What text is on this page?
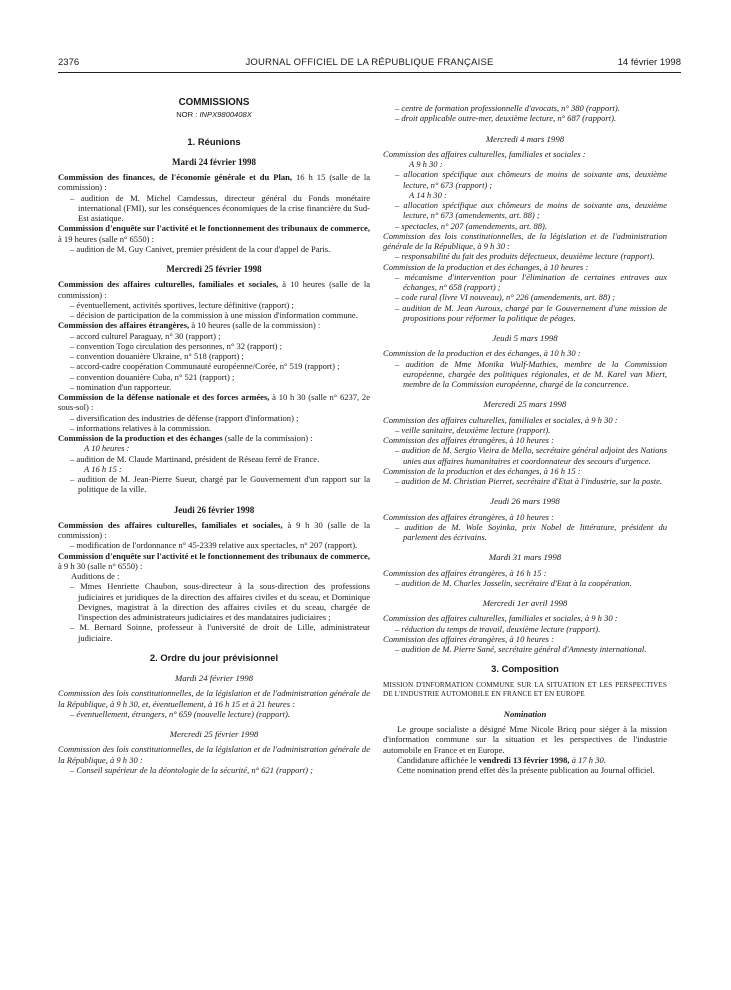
2376	JOURNAL OFFICIEL DE LA RÉPUBLIQUE FRANÇAISE	14 février 1998
COMMISSIONS
NOR : INPX9800408X
1. Réunions
Mardi 24 février 1998

Commission des finances, de l'économie générale et du Plan, 16 h 15 (salle de la commission) :

– audition de M. Michel Camdessus, directeur général du Fonds monétaire international (FMI), sur les conséquences économiques de la crise financière du Sud-Est asiatique.

Commission d'enquête sur l'activité et le fonctionnement des tribunaux de commerce, à 19 heures (salle n° 6550) :

– audition de M. Guy Canivet, premier président de la cour d'appel de Paris.
Mercredi 25 février 1998

Commission des affaires culturelles, familiales et sociales, à 10 heures (salle de la commission) :

– éventuellement, activités sportives, lecture définitive (rapport) ;
– décision de participation de la commission à une mission d'information commune.

Commission des affaires étrangères, à 10 heures (salle de la commission) :

– accord culturel Paraguay, n° 30 (rapport) ;
– convention Togo circulation des personnes, n° 32 (rapport) ;
– convention douanière Ukraine, n° 518 (rapport) ;
– accord-cadre coopération Communauté européenne/Corée, n° 519 (rapport) ;
– convention douanière Cuba, n° 521 (rapport) ;
– nomination d'un rapporteur.

Commission de la défense nationale et des forces armées, à 10 h 30 (salle n° 6237, 2e sous-sol) :

– diversification des industries de défense (rapport d'information) ;
– informations relatives à la commission.

Commission de la production et des échanges (salle de la commission) :

A 10 heures :
– audition de M. Claude Martinand, président de Réseau ferré de France.
A 16 h 15 :
– audition de M. Jean-Pierre Sueur, chargé par le Gouvernement d'un rapport sur la politique de la ville.
Jeudi 26 février 1998

Commission des affaires culturelles, familiales et sociales, à 9 h 30 (salle de la commission) :

– modification de l'ordonnance n° 45-2339 relative aux spectacles, n° 207 (rapport).

Commission d'enquête sur l'activité et le fonctionnement des tribunaux de commerce, à 9 h 30 (salle n° 6550) :

Auditions de :
– Mmes Henriette Chaubon, sous-directeur à la sous-direction des professions judiciaires et juridiques de la direction des affaires civiles et du sceau, et Dominique Devignes, magistrat à la direction des affaires civiles et du sceau, chargée de l'inspection des administrateurs judiciaires et des mandataires judiciaires ;
– M. Bernard Soinne, professeur à l'université de droit de Lille, administrateur judiciaire.
2. Ordre du jour prévisionnel
Mardi 24 février 1998

Commission des lois constitutionnelles, de la législation et de l'administration générale de la République, à 9 h 30, et, éventuellement, à 16 h 15 et à 21 heures :

– éventuellement, étrangers, n° 659 (nouvelle lecture) (rapport).
Mercredi 25 février 1998

Commission des lois constitutionnelles, de la législation et de l'administration générale de la République, à 9 h 30 :

– Conseil supérieur de la déontologie de la sécurité, n° 621 (rapport) ;
– centre de formation professionnelle d'avocats, n° 380 (rapport).
– droit applicable outre-mer, deuxième lecture, n° 687 (rapport).
Mercredi 4 mars 1998

Commission des affaires culturelles, familiales et sociales :

A 9 h 30 :
– allocation spécifique aux chômeurs de moins de soixante ans, deuxième lecture, n° 673 (rapport) ;
A 14 h 30 :
– allocation spécifique aux chômeurs de moins de soixante ans, deuxième lecture, n° 673 (amendements, art. 88) ;
– spectacles, n° 207 (amendements, art. 88).

Commission des lois constitutionnelles, de la législation et de l'administration générale de la République, à 9 h 30 :

– responsabilité du fait des produits défectueux, deuxième lecture (rapport).

Commission de la production et des échanges, à 10 heures :

– mécanisme d'intervention pour l'élimination de certaines entraves aux échanges, n° 658 (rapport) ;
– code rural (livre VI nouveau), n° 226 (amendements, art. 88) ;
– audition de M. Jean Auroux, chargé par le Gouvernement d'une mission de propositions pour réformer la politique de péages.
Jeudi 5 mars 1998

Commission de la production et des échanges, à 10 h 30 :

– audition de Mme Monika Wulf-Mathies, membre de la Commission européenne, chargée des politiques régionales, et de M. Karel van Miert, membre de la Commission européenne, chargé de la concurrence.
Mercredi 25 mars 1998

Commission des affaires culturelles, familiales et sociales, à 9 h 30 :

– veille sanitaire, deuxième lecture (rapport).

Commission des affaires étrangères, à 10 heures :

– audition de M. Sergio Vieira de Mello, secrétaire général adjoint des Nations unies aux affaires humanitaires et coordonnateur des secours d'urgence.

Commission de la production et des échanges, à 16 h 15 :

– audition de M. Christian Pierret, secrétaire d'Etat à l'industrie, sur la poste.
Jeudi 26 mars 1998

Commission des affaires étrangères, à 10 heures :

– audition de M. Wole Soyinka, prix Nobel de littérature, président du parlement des écrivains.
Mardi 31 mars 1998

Commission des affaires étrangères, à 16 h 15 :

– audition de M. Charles Josselin, secrétaire d'Etat à la coopération.
Mercredi 1er avril 1998

Commission des affaires culturelles, familiales et sociales, à 9 h 30 :

– réduction du temps de travail, deuxième lecture (rapport).

Commission des affaires étrangères, à 10 heures :

– audition de M. Pierre Sané, secrétaire général d'Amnesty international.
3. Composition
MISSION D'INFORMATION COMMUNE SUR LA SITUATION ET LES PERSPECTIVES DE L'INDUSTRIE AUTOMOBILE EN FRANCE ET EN EUROPE
Nomination

Le groupe socialiste a désigné Mme Nicole Bricq pour siéger à la mission d'information commune sur la situation et les perspectives de l'industrie automobile en France et en Europe.

Candidature affichée le vendredi 13 février 1998, à 17 h 30.

Cette nomination prend effet dès la présente publication au Journal officiel.
